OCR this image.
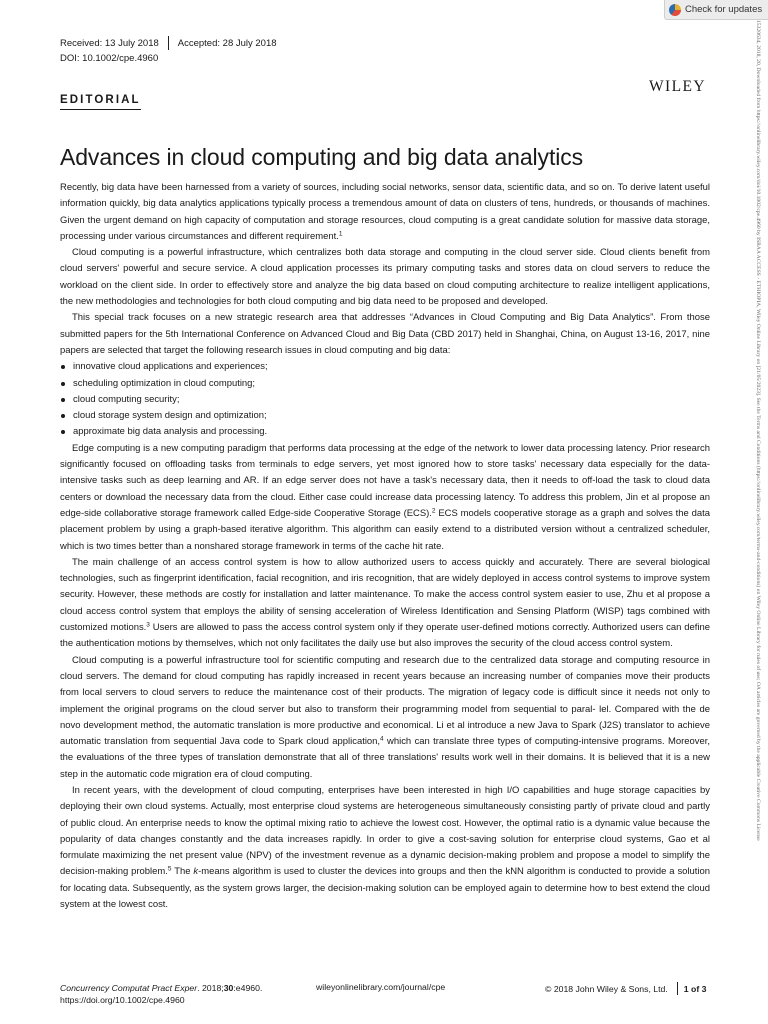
Check for updates
15320634, 2018, 20, Downloaded from https://onlinelibrary.wiley.com/doi/10.1002/cpe.4960 by ISRAA ACCESS - ETHIOPIA, Wiley Online Library on [21/05/2023]. See the Terms and Conditions (https://onlinelibrary.wiley.com/terms-and-conditions) on Wiley Online Library for rules of use; OA articles are governed by the applicable Creative Commons License
Received: 13 July 2018 Accepted: 28 July 2018
DOI: 10.1002/cpe.4960
WILEY
EDITORIAL
Advances in cloud computing and big data analytics

Recently, big data have been harnessed from a variety of sources, including social networks, sensor data, scientific data, and so on. To derive latent useful information quickly, big data analytics applications typically process a tremendous amount of data on clusters of tens, hundreds, or thousands of machines. Given the urgent demand on high capacity of computation and storage resources, cloud computing is a great candidate solution for massive data storage, processing under various circumstances and different requirement.$^1$

Cloud computing is a powerful infrastructure, which centralizes both data storage and computing in the cloud server side. Cloud clients benefit from cloud servers' powerful and secure service. A cloud application processes its primary computing tasks and stores data on cloud servers to reduce the workload on the client side. In order to effectively store and analyze the big data based on cloud computing architecture to realize intelligent applications, the new methodologies and technologies for both cloud computing and big data need to be proposed and developed.

This special track focuses on a new strategic research area that addresses “Advances in Cloud Computing and Big Data Analytics”. From those submitted papers for the 5th International Conference on Advanced Cloud and Big Data (CBD 2017) held in Shanghai, China, on August 13-16, 2017, nine papers are selected that target the following research issues in cloud computing and big data:

innovative cloud applications and experiences;
scheduling optimization in cloud computing;
cloud computing security;
cloud storage system design and optimization;
approximate big data analysis and processing.

Edge computing is a new computing paradigm that performs data processing at the edge of the network to lower data processing latency. Prior research significantly focused on offloading tasks from terminals to edge servers, yet most ignored how to store tasks' necessary data especially for the data-intensive tasks such as deep learning and AR. If an edge server does not have a task's necessary data, then it needs to off-load the task to cloud data centers or download the necessary data from the cloud. Either case could increase data processing latency. To address this problem, Jin et al propose an edge-side collaborative storage framework called Edge-side Cooperative Storage (ECS).$^2$ ECS models cooperative storage as a graph and solves the data placement problem by using a graph-based iterative algorithm. This algorithm can easily extend to a distributed version without a centralized scheduler, which is two times better than a nonshared storage framework in terms of the cache hit rate.

The main challenge of an access control system is how to allow authorized users to access quickly and accurately. There are several biological technologies, such as fingerprint identification, facial recognition, and iris recognition, that are widely deployed in access control systems to improve system security. However, these methods are costly for installation and latter maintenance. To make the access control system easier to use, Zhu et al propose a cloud access control system that employs the ability of sensing acceleration of Wireless Identification and Sensing Platform (WISP) tags combined with customized motions.$^3$ Users are allowed to pass the access control system only if they operate user-defined motions correctly. Authorized users can define the authentication motions by themselves, which not only facilitates the daily use but also improves the security of the cloud access control system.

Cloud computing is a powerful infrastructure tool for scientific computing and research due to the centralized data storage and computing resource in cloud servers. The demand for cloud computing has rapidly increased in recent years because an increasing number of companies move their products from local servers to cloud servers to reduce the maintenance cost of their products. The migration of legacy code is difficult since it needs not only to implement the original programs on the cloud server but also to transform their programming model from sequential to paral- lel. Compared with the de novo development method, the automatic translation is more productive and economical. Li et al introduce a new Java to Spark (J2S) translator to achieve automatic translation from sequential Java code to Spark cloud application,$^4$ which can translate three types of computing-intensive programs. Moreover, the evaluations of the three types of translation demonstrate that all of three translations' results work well in their domains. It is believed that it is a new step in the automatic code migration era of cloud computing.

In recent years, with the development of cloud computing, enterprises have been interested in high I/O capabilities and huge storage capacities by deploying their own cloud systems. Actually, most enterprise cloud systems are heterogeneous simultaneously consisting partly of private cloud and partly of public cloud. An enterprise needs to know the optimal mixing ratio to achieve the lowest cost. However, the optimal ratio is a dynamic value because the popularity of data changes constantly and the data increases rapidly. In order to give a cost-saving solution for enterprise cloud systems, Gao et al formulate maximizing the net present value (NPV) of the investment revenue as a dynamic decision-making problem and propose a model to simplify the decision-making problem.$^5$ The k-means algorithm is used to cluster the devices into groups and then the kNN algorithm is conducted to provide a solution for locating data. Subsequently, as the system grows larger, the decision-making solution can be employed again to determine how to best extend the cloud system at the lowest cost.

Concurrency Computat Pract Exper. 2018;30:e4960.
https://doi.org/10.1002/cpe.4960
wileyonlinelibrary.com/journal/cpe	© 2018 John Wiley & Sons, Ltd. 1 of 3
